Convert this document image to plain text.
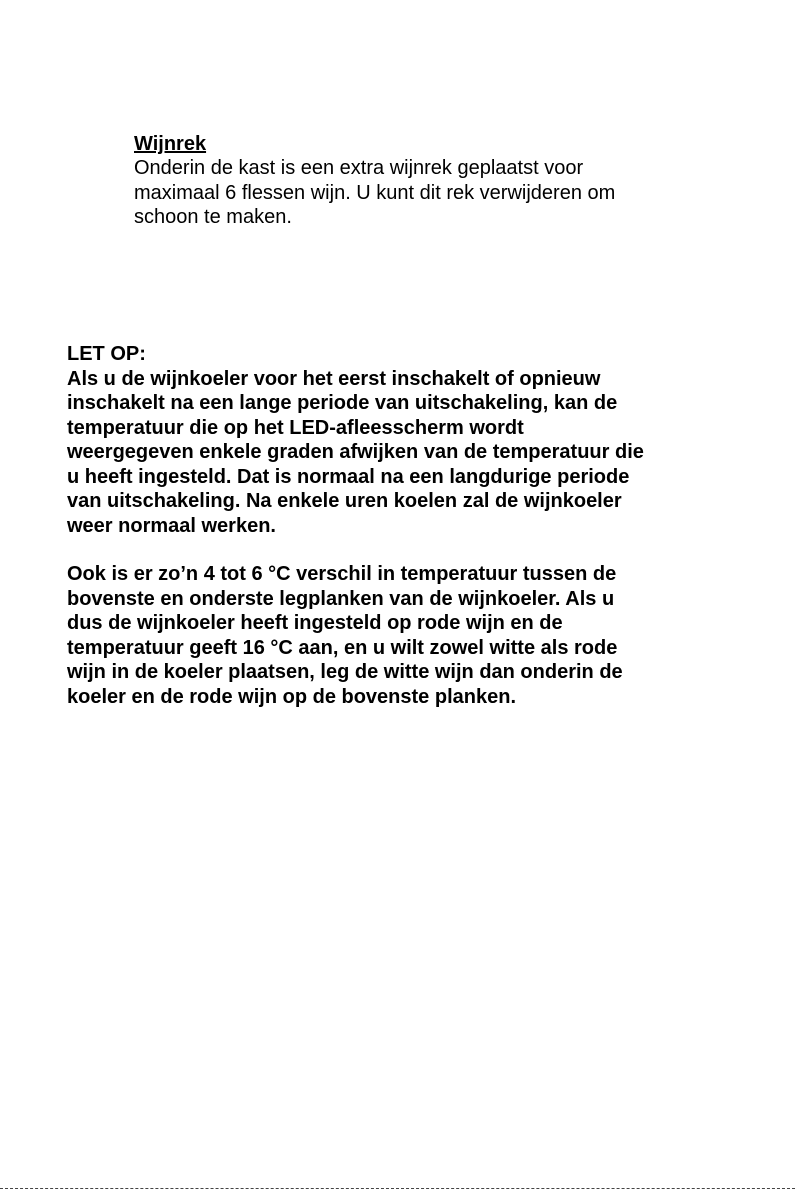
Wijnrek

Onderin de kast is een extra wijnrek geplaatst voor

maximaal 6 flessen wijn. U kunt dit rek verwijderen om

schoon te maken.

LET OP:

Als u de wijnkoeler voor het eerst inschakelt of opnieuw

inschakelt na een lange periode van uitschakeling, kan de

temperatuur die op het LED-afleesscherm wordt

weergegeven enkele graden afwijken van de temperatuur die

u heeft ingesteld. Dat is normaal na een langdurige periode

van uitschakeling. Na enkele uren koelen zal de wijnkoeler

weer normaal werken.

Ook is er zo’n 4 tot 6 °C verschil in temperatuur tussen de

bovenste en onderste legplanken van de wijnkoeler. Als u

dus de wijnkoeler heeft ingesteld op rode wijn en de

temperatuur geeft 16 °C aan, en u wilt zowel witte als rode

wijn in de koeler plaatsen, leg de witte wijn dan onderin de

koeler en de rode wijn op de bovenste planken.
